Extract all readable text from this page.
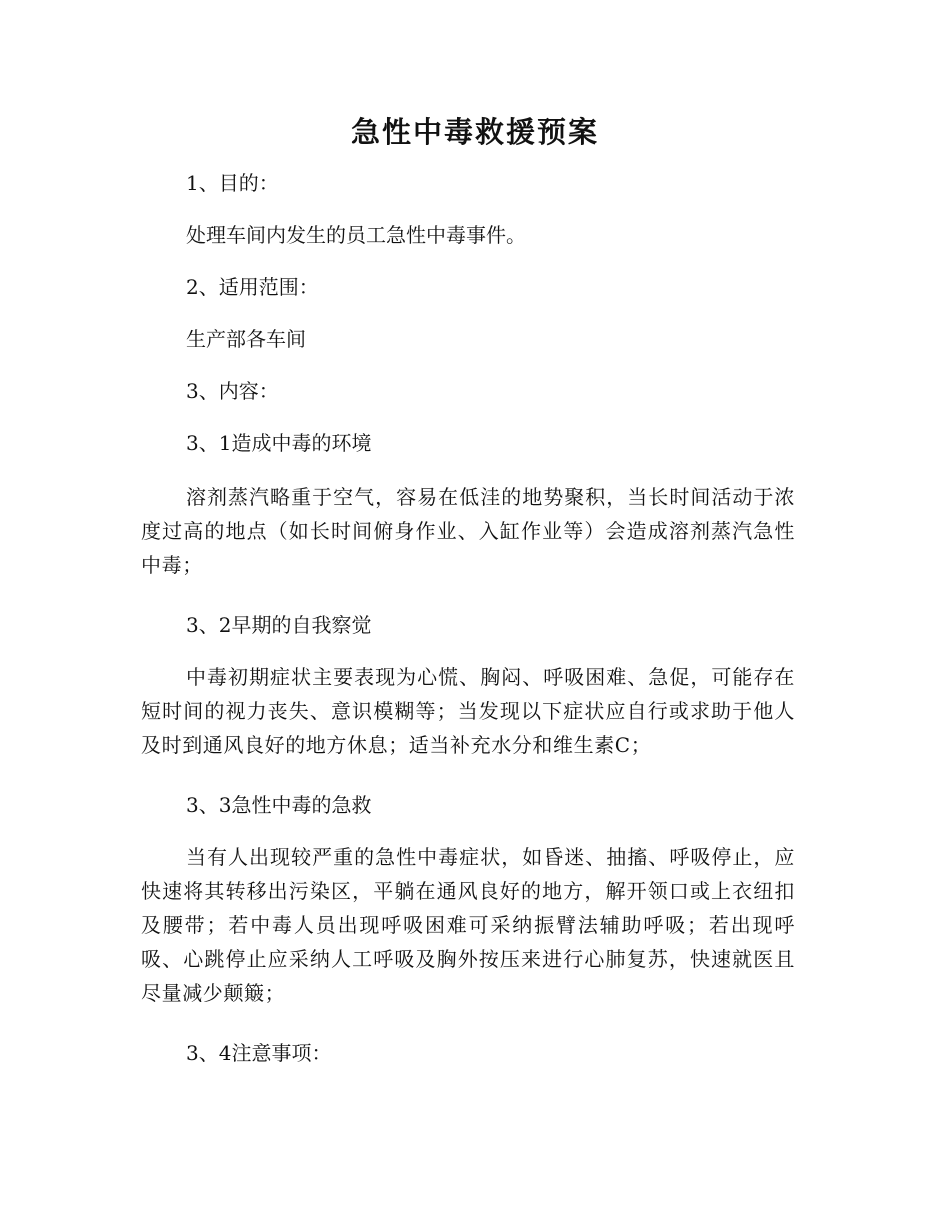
急性中毒救援预案

1、目的：

处理车间内发生的员工急性中毒事件。

2、适用范围：

生产部各车间

3、内容：

3、1造成中毒的环境

溶剂蒸汽略重于空气，容易在低洼的地势聚积，当长时间活动于浓度过高的地点（如长时间俯身作业、入缸作业等）会造成溶剂蒸汽急性中毒；

3、2早期的自我察觉

中毒初期症状主要表现为心慌、胸闷、呼吸困难、急促，可能存在短时间的视力丧失、意识模糊等；当发现以下症状应自行或求助于他人及时到通风良好的地方休息；适当补充水分和维生素C；

3、3急性中毒的急救

当有人出现较严重的急性中毒症状，如昏迷、抽搐、呼吸停止，应快速将其转移出污染区，平躺在通风良好的地方，解开领口或上衣纽扣及腰带；若中毒人员出现呼吸困难可采纳振臂法辅助呼吸；若出现呼吸、心跳停止应采纳人工呼吸及胸外按压来进行心肺复苏，快速就医且尽量减少颠簸；

3、4注意事项：
